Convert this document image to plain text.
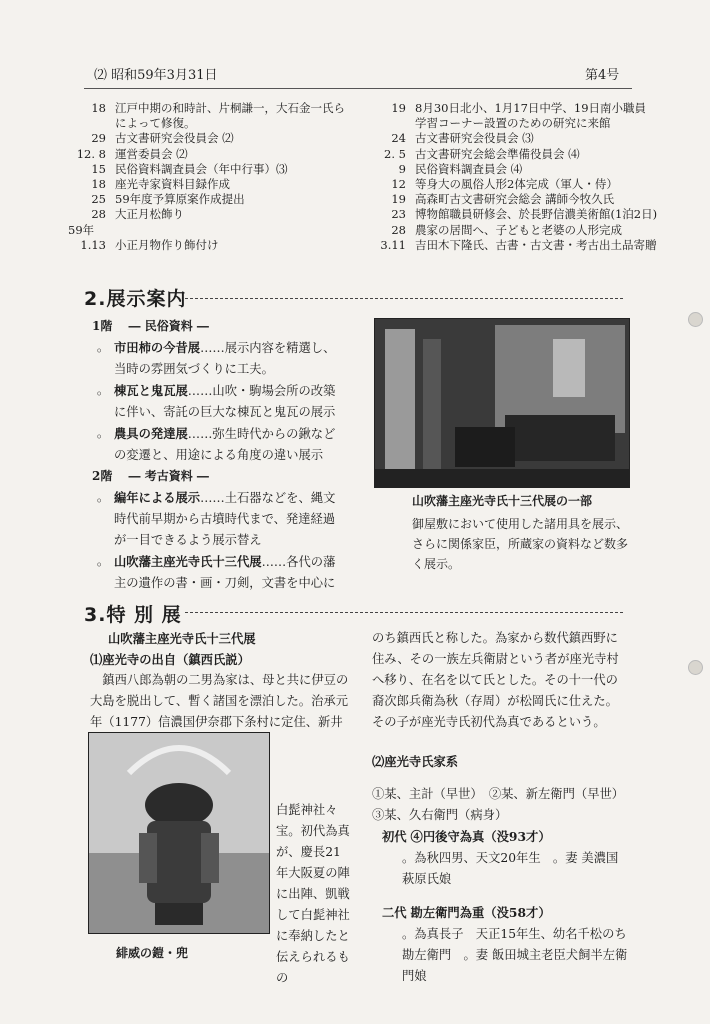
⑵ 昭和59年3月31日	第4号
18 江戸中期の和時計、片桐謙一，大石金一氏ら
によって修復。
29 古文書研究会役員会 ⑵
12. 8 運営委員会 ⑵
15 民俗資料調査員会（年中行事）⑶
18 座光寺家資料目録作成
25 59年度予算原案作成提出
28 大正月松飾り
59年
1.13 小正月物作り飾付け
19 8月30日北小、1月17日中学、19日南小職員
学習コーナー設置のための研究に来館
24 古文書研究会役員会 ⑶
2. 5 古文書研究会総会準備役員会 ⑷
9 民俗資料調査員会 ⑷
12 等身大の風俗人形2体完成（軍人・侍）
19 高森町古文書研究会総会 講師今牧久氏
23 博物館職員研修会、於長野信濃美術館(1泊2日)
28 農家の居間へ、子どもと老婆の人形完成
3.11 吉田木下隆氏、古書・古文書・考古出土品寄贈
2.展示案内
1階　 ― 民俗資料 ―
。 市田柿の今昔展……展示内容を精選し、当時の雰囲気づくりに工夫。
。 棟瓦と鬼瓦展……山吹・駒場会所の改築に伴い、寄託の巨大な棟瓦と鬼瓦の展示
。 農具の発達展……弥生時代からの鍬などの変遷と、用途による角度の違い展示
2階　 ― 考古資料 ―
。 編年による展示……土石器などを、縄文時代前早期から古墳時代まで、発達経過が一目できるよう展示替え
。 山吹藩主座光寺氏十三代展……各代の藩主の遺作の書・画・刀剣，文書を中心に
山吹藩主座光寺氏十三代展の一部
御屋敷において使用した諸用具を展示、さらに関係家臣，所蔵家の資料など数多く展示。
3.特 別 展
山吹藩主座光寺氏十三代展
⑴座光寺の出自（鎮西氏説）
鎮西八郎為朝の二男為家は、母と共に伊豆の大島を脱出して、暫く諸国を漂泊した。治承元年（1177）信濃国伊奈郡下条村に定住、新井
緋威の鎧・兜
白髭神社々宝。初代為真が、慶長21年大阪夏の陣に出陣、凱戦して白髭神社に奉納したと伝えられるもの
のち鎮西氏と称した。為家から数代鎮西野に住み、その一族左兵衛尉という者が座光寺村へ移り、在名を以て氏とした。その十一代の裔次郎兵衛為秋（存周）が松岡氏に仕えた。その子が座光寺氏初代為真であるという。
⑵座光寺氏家系
①某、主計（早世）　②某、新左衛門（早世）
③某、久右衛門（病身）
初代 ④円後守為真（没93才）
。為秋四男、天文20年生　。妻 美濃国萩原氏娘
二代 勘左衛門為重（没58才）
。為真長子　天正15年生、幼名千松のち勘左衛門　。妻 飯田城主老臣犬飼半左衛門娘
